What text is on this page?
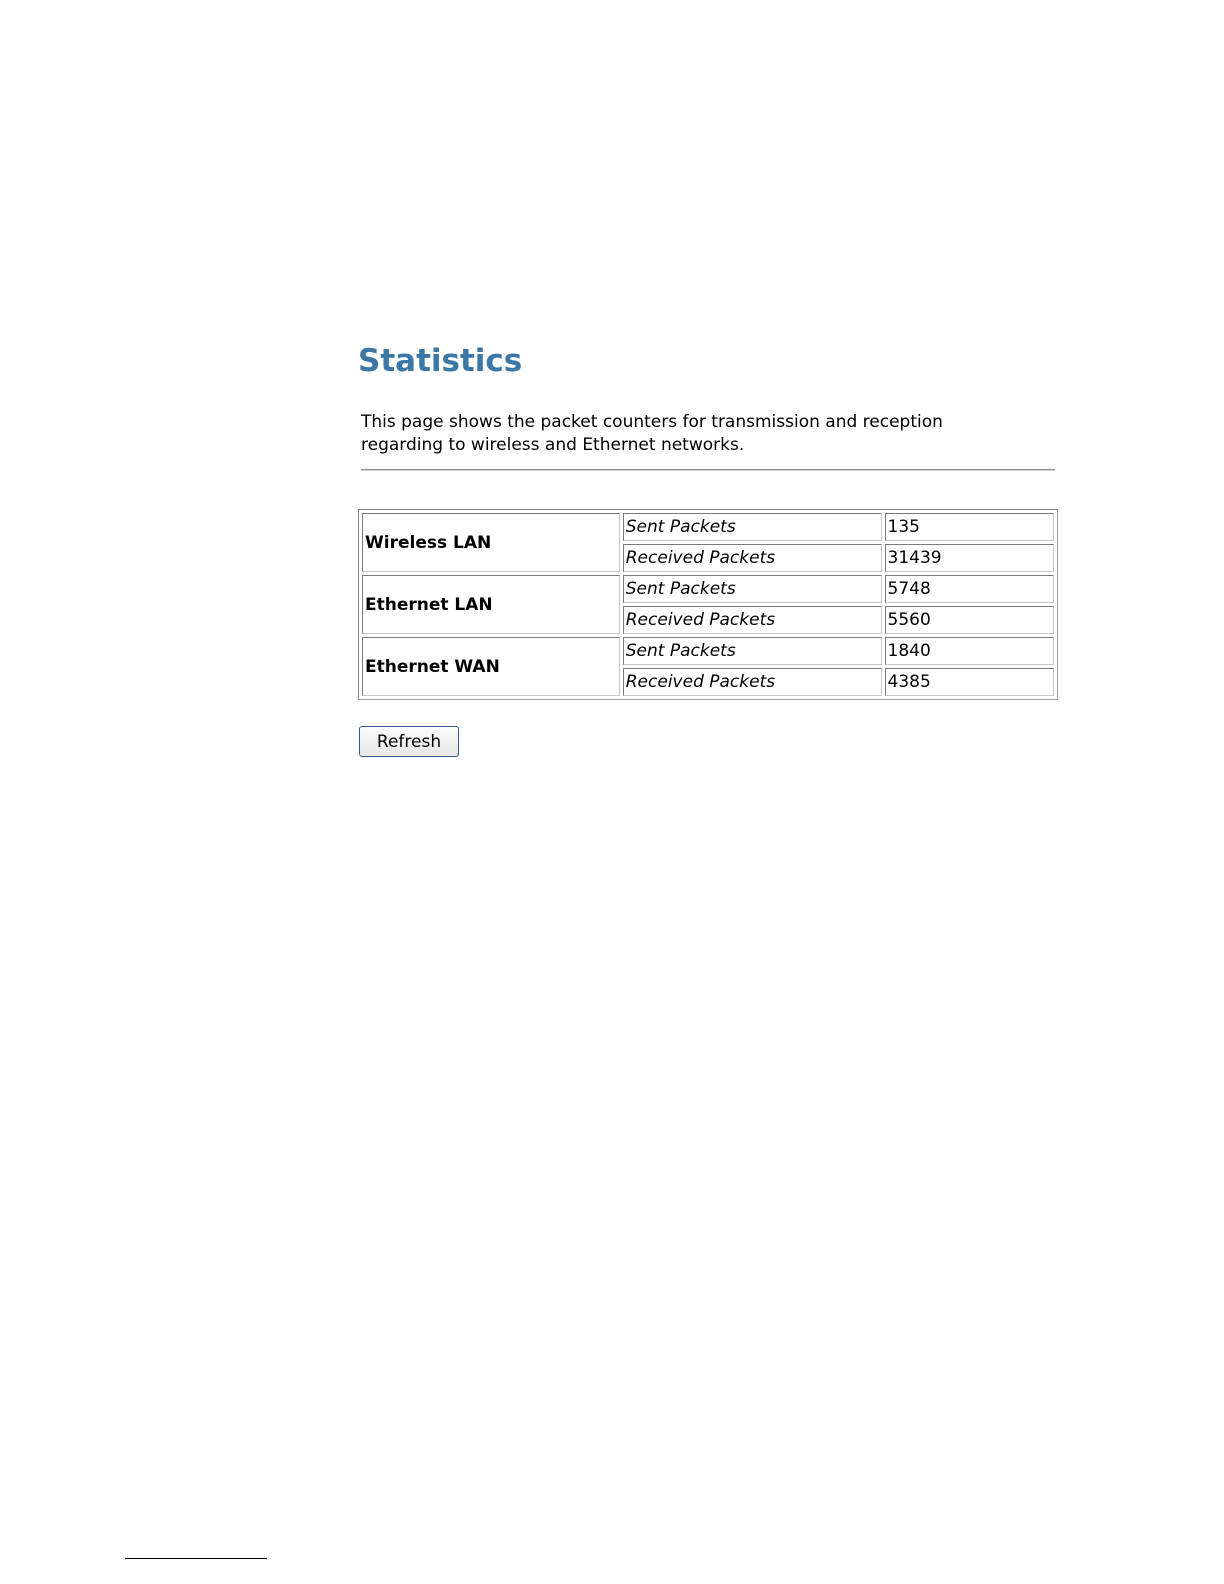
Statistics
This page shows the packet counters for transmission and reception
regarding to wireless and Ethernet networks.
Wireless LAN	Sent Packets	135
	Received Packets	31439
Ethernet LAN	Sent Packets	5748
	Received Packets	5560
Ethernet WAN	Sent Packets	1840
	Received Packets	4385
Refresh
